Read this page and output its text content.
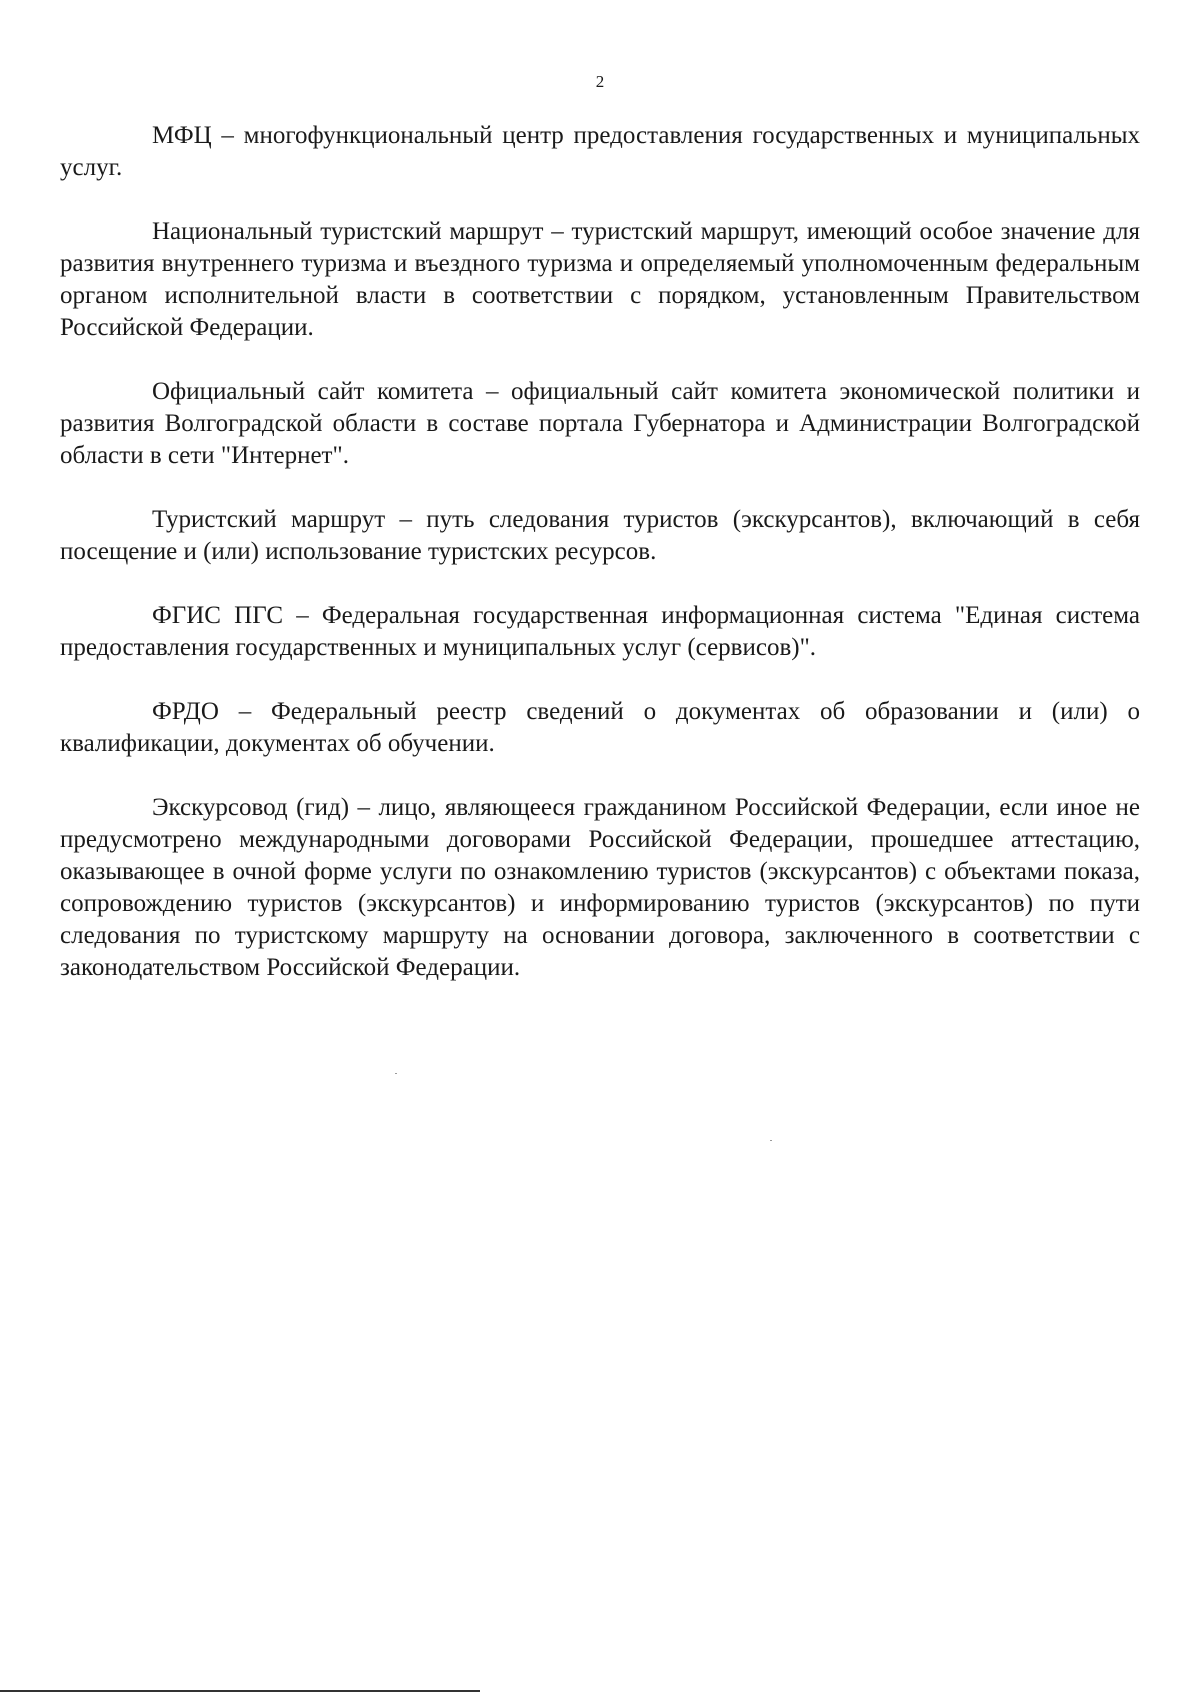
2

МФЦ – многофункциональный центр предоставления государственных и муниципальных услуг.

Национальный туристский маршрут – туристский маршрут, имеющий особое значение для развития внутреннего туризма и въездного туризма и определяемый уполномоченным федеральным органом исполнительной власти в соответствии с порядком, установленным Правительством Российской Федерации.

Официальный сайт комитета – официальный сайт комитета экономической политики и развития Волгоградской области в составе портала Губернатора и Администрации Волгоградской области в сети "Интернет".

Туристский маршрут – путь следования туристов (экскурсантов), включающий в себя посещение и (или) использование туристских ресурсов.

ФГИС ПГС – Федеральная государственная информационная система "Единая система предоставления государственных и муниципальных услуг (сервисов)".

ФРДО – Федеральный реестр сведений о документах об образовании и (или) о квалификации, документах об обучении.

Экскурсовод (гид) – лицо, являющееся гражданином Российской Федерации, если иное не предусмотрено международными договорами Российской Федерации, прошедшее аттестацию, оказывающее в очной форме услуги по ознакомлению туристов (экскурсантов) с объектами показа, сопровождению туристов (экскурсантов) и информированию туристов (экскурсантов) по пути следования по туристскому маршруту на основании договора, заключенного в соответствии с законодательством Российской Федерации.
